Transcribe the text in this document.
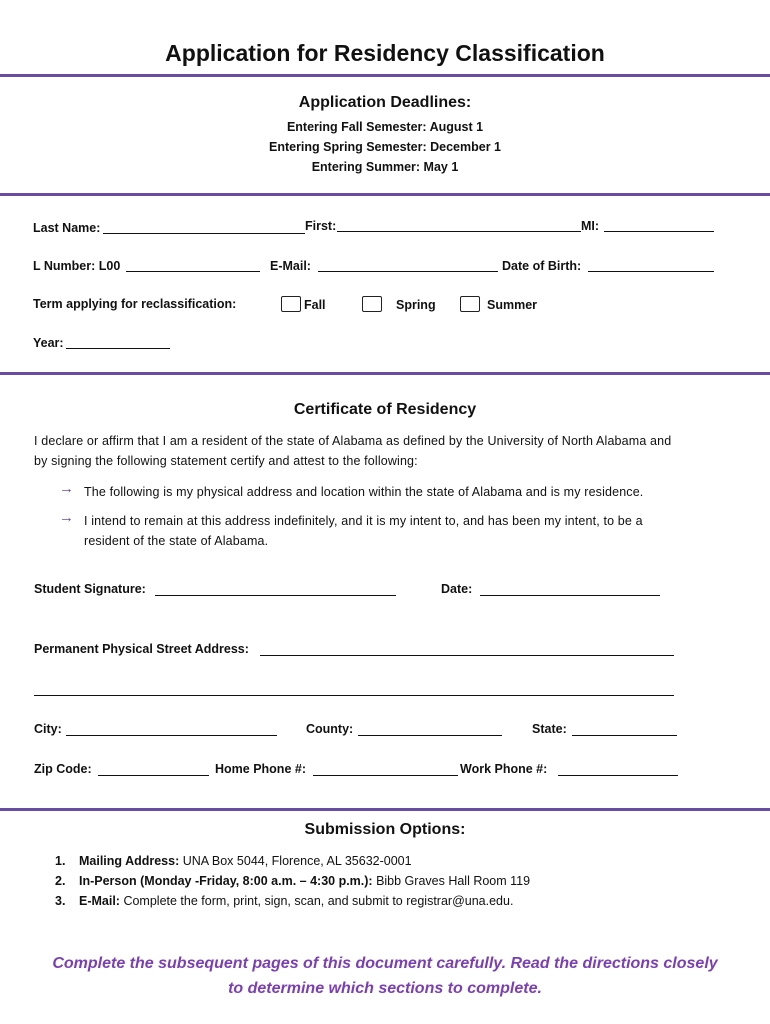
Application for Residency Classification
Application Deadlines:
Entering Fall Semester: August 1
Entering Spring Semester: December 1
Entering Summer: May 1
Last Name:	First:	MI:
L Number: L00	E-Mail:	Date of Birth:
Term applying for reclassification:	Fall	Spring	Summer
Year:
Certificate of Residency
I declare or affirm that I am a resident of the state of Alabama as defined by the University of North Alabama and
by signing the following statement certify and attest to the following:
→ The following is my physical address and location within the state of Alabama and is my residence.
→ I intend to remain at this address indefinitely, and it is my intent to, and has been my intent, to be a
resident of the state of Alabama.
Student Signature:	Date:
Permanent Physical Street Address:
City:	County:	State:
Zip Code:	Home Phone #:	Work Phone #:
Submission Options:
1. Mailing Address: UNA Box 5044, Florence, AL 35632-0001
2. In-Person (Monday -Friday, 8:00 a.m. – 4:30 p.m.): Bibb Graves Hall Room 119
3. E-Mail: Complete the form, print, sign, scan, and submit to registrar@una.edu.
Complete the subsequent pages of this document carefully. Read the directions closely
to determine which sections to complete.
